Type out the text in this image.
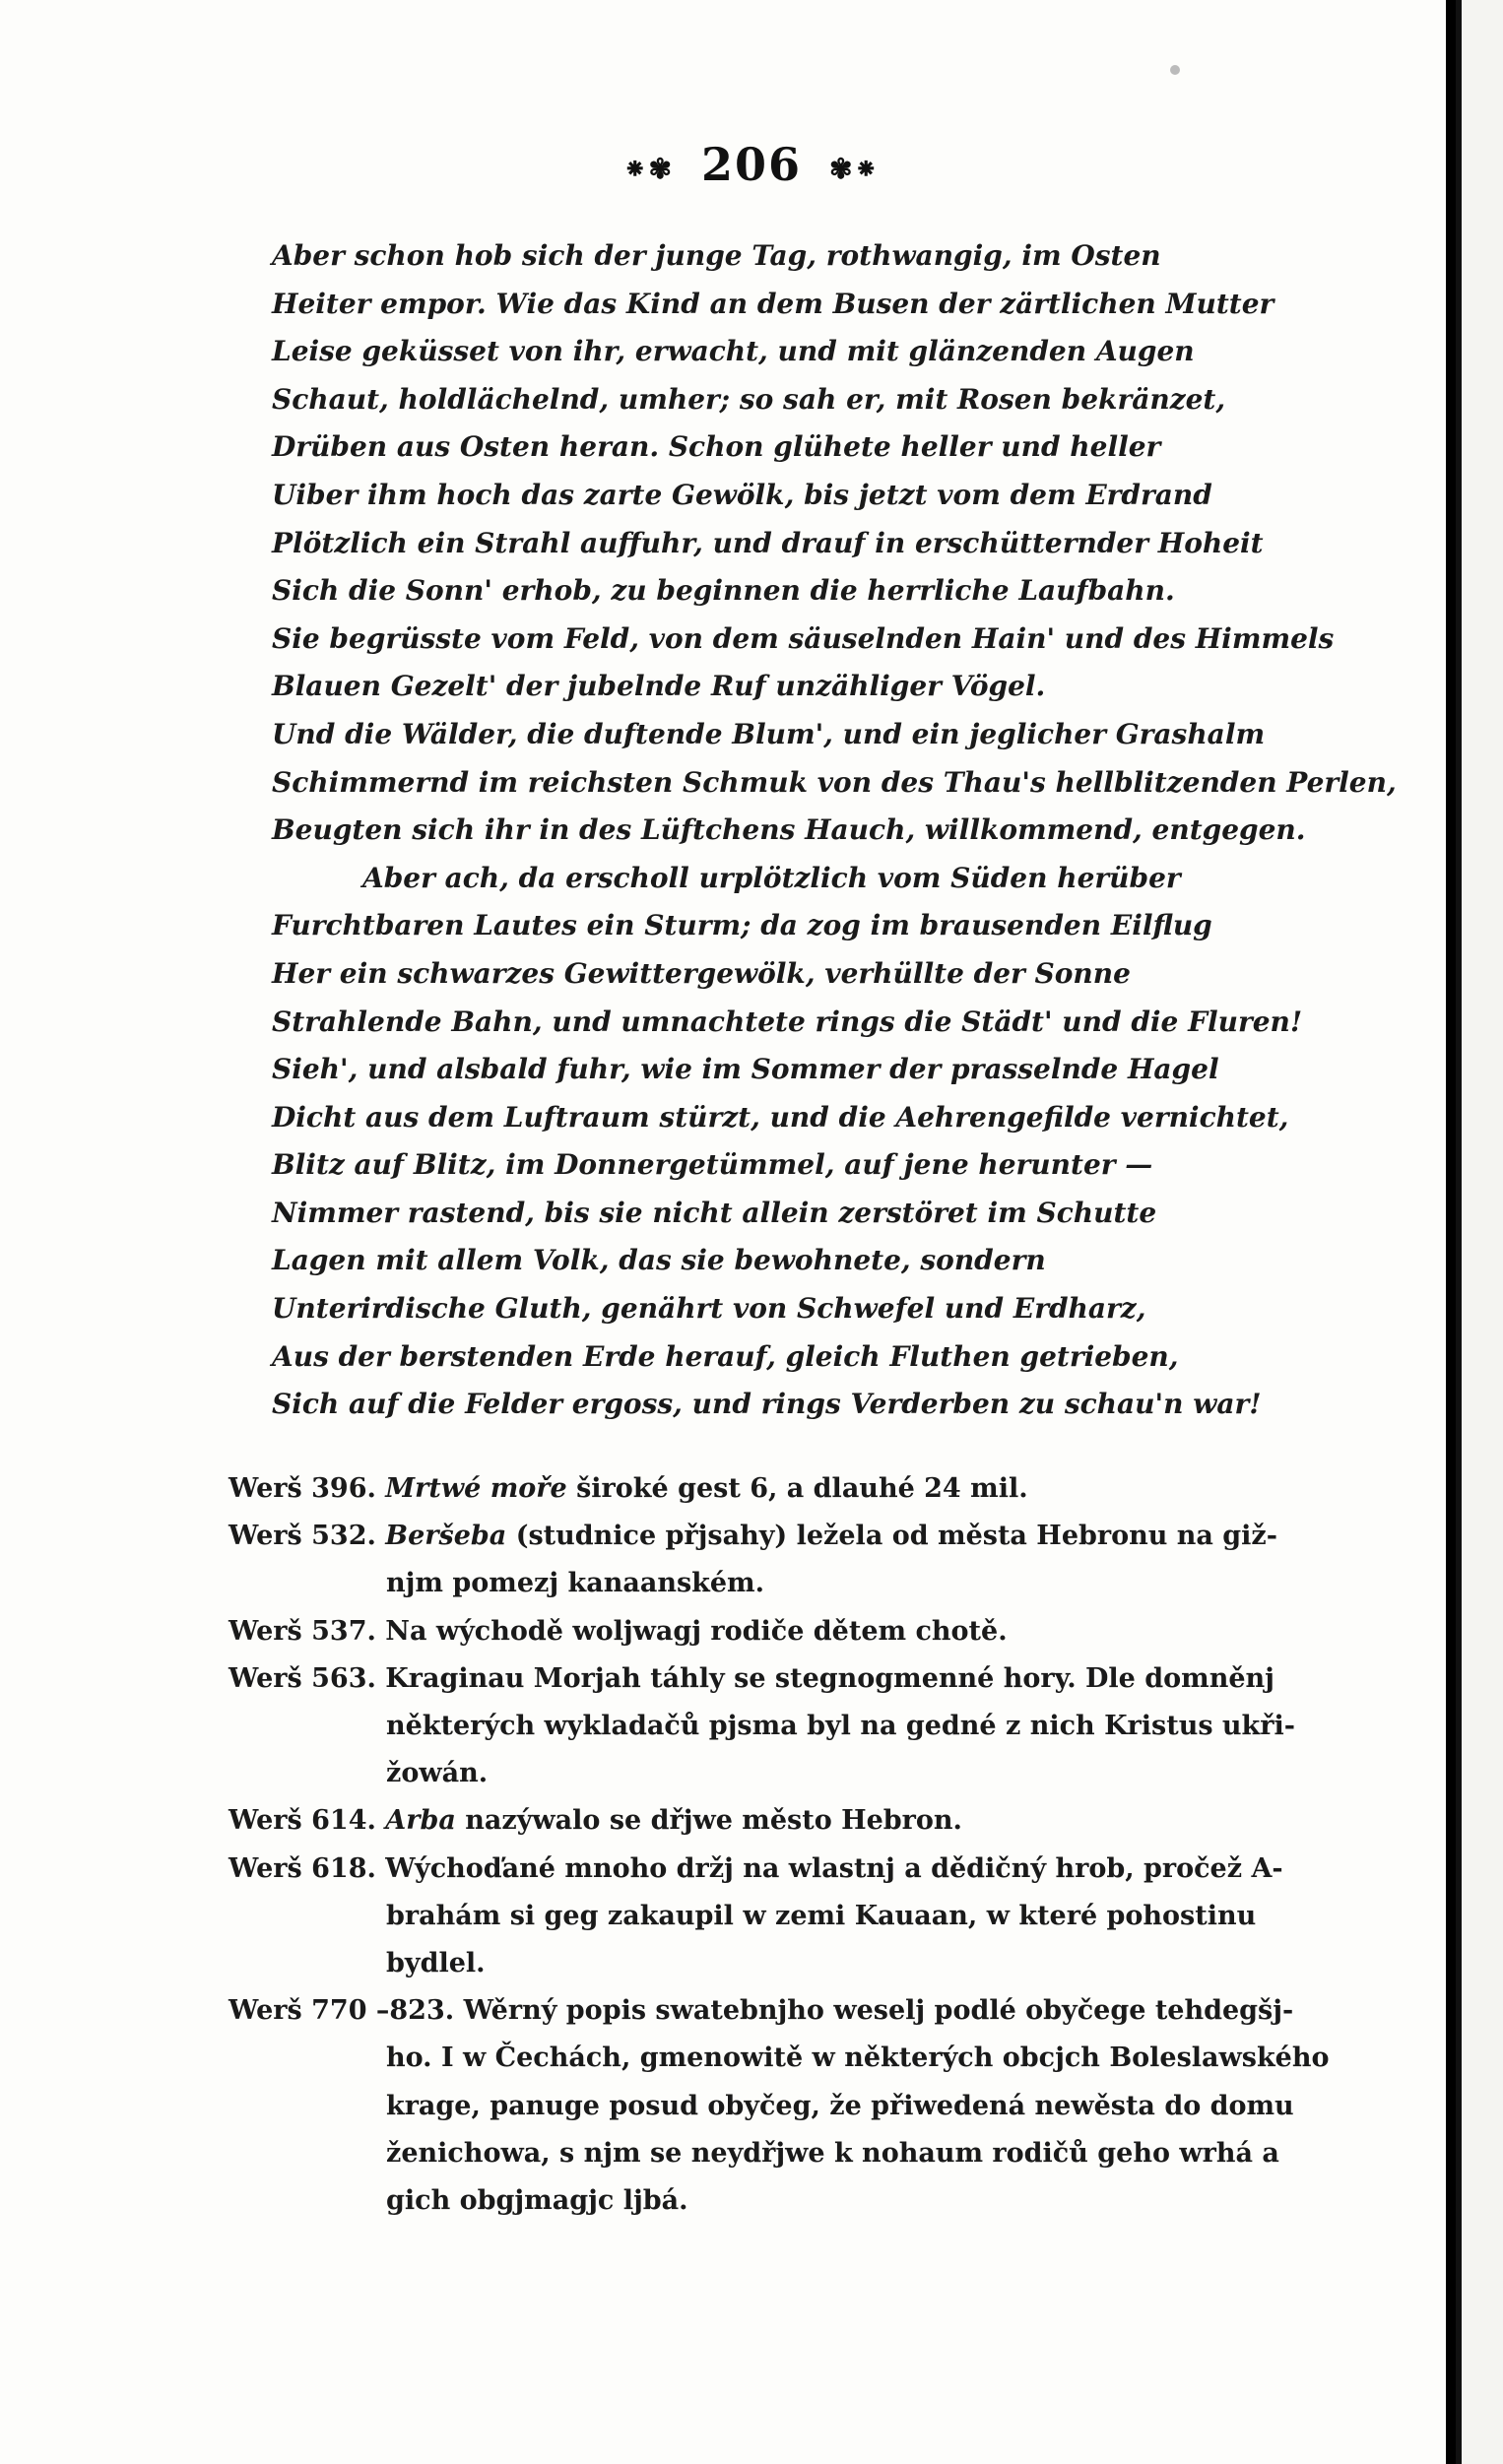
⁕✾ 206 ✾⁕
Aber schon hob sich der junge Tag, rothwangig, im Osten
Heiter empor. Wie das Kind an dem Busen der zärtlichen Mutter
Leise geküsset von ihr, erwacht, und mit glänzenden Augen
Schaut, holdlächelnd, umher; so sah er, mit Rosen bekränzet,
Drüben aus Osten heran. Schon glühete heller und heller
Uiber ihm hoch das zarte Gewölk, bis jetzt vom dem Erdrand
Plötzlich ein Strahl auffuhr, und drauf in erschütternder Hoheit
Sich die Sonn' erhob, zu beginnen die herrliche Laufbahn.
Sie begrüsste vom Feld, von dem säuselnden Hain' und des Himmels
Blauen Gezelt' der jubelnde Ruf unzähliger Vögel.
Und die Wälder, die duftende Blum', und ein jeglicher Grashalm
Schimmernd im reichsten Schmuk von des Thau's hellblitzenden Perlen,
Beugten sich ihr in des Lüftchens Hauch, willkommend, entgegen.
Aber ach, da erscholl urplötzlich vom Süden herüber
Furchtbaren Lautes ein Sturm; da zog im brausenden Eilflug
Her ein schwarzes Gewittergewölk, verhüllte der Sonne
Strahlende Bahn, und umnachtete rings die Städt' und die Fluren!
Sieh', und alsbald fuhr, wie im Sommer der prasselnde Hagel
Dicht aus dem Luftraum stürzt, und die Aehrengefilde vernichtet,
Blitz auf Blitz, im Donnergetümmel, auf jene herunter —
Nimmer rastend, bis sie nicht allein zerstöret im Schutte
Lagen mit allem Volk, das sie bewohnete, sondern
Unterirdische Gluth, genährt von Schwefel und Erdharz,
Aus der berstenden Erde herauf, gleich Fluthen getrieben,
Sich auf die Felder ergoss, und rings Verderben zu schau'n war!
Werš 396. Mrtwé moře široké gest 6, a dlauhé 24 mil.
Werš 532. Beršeba (studnice přjsahy) ležela od města Hebronu na giž-
njm pomezj kanaanském.
Werš 537. Na wýchodě woljwagj rodiče dětem chotě.
Werš 563. Kraginau Morjah táhly se stegnogmenné hory. Dle domněnj
některých wykladačů pjsma byl na gedné z nich Kristus ukři-
žowán.
Werš 614. Arba nazýwalo se dřjwe město Hebron.
Werš 618. Wýchoďané mnoho držj na wlastnj a dědičný hrob, pročež A-
brahám si geg zakaupil w zemi Kauaan, w které pohostinu
bydlel.
Werš 770 –823. Wěrný popis swatebnjho weselj podlé obyčege tehdegšj-
ho. I w Čechách, gmenowitě w některých obcjch Boleslawského
krage, panuge posud obyčeg, že přiwedená newěsta do domu
ženichowa, s njm se neydřjwe k nohaum rodičů geho wrhá a
gich obgjmagjc ljbá.
